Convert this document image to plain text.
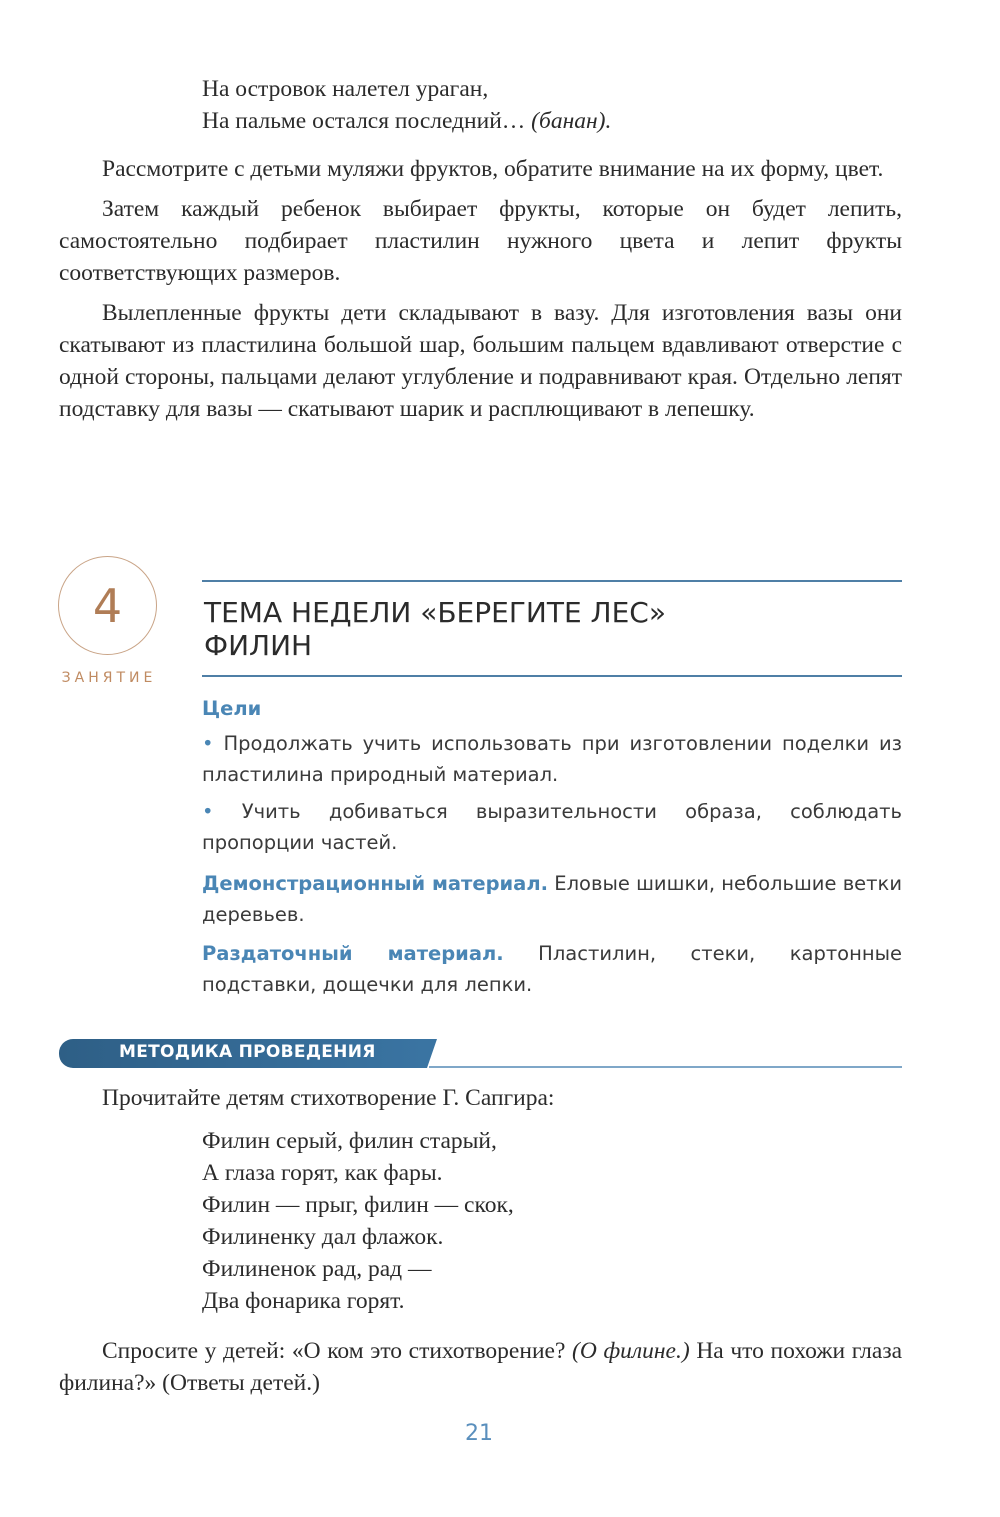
На островок налетел ураган,
На пальме остался последний… (банан).

Рассмотрите с детьми муляжи фруктов, обратите внимание на их форму, цвет.

Затем каждый ребенок выбирает фрукты, которые он будет лепить, самостоятельно подбирает пластилин нужного цвета и лепит фрукты соответствующих размеров.

Вылепленные фрукты дети складывают в вазу. Для изготовления вазы они скатывают из пластилина большой шар, большим пальцем вдавливают отверстие с одной стороны, пальцами делают углубление и подравнивают края. Отдельно лепят подставку для вазы — скатывают шарик и расплющивают в лепешку.

4
ЗАНЯТИЕ
ТЕМА НЕДЕЛИ «БЕРЕГИТЕ ЛЕС»
ФИЛИН
Цели

• Продолжать учить использовать при изготовлении поделки из пластилина природный материал.

• Учить добиваться выразительности образа, соблюдать пропорции частей.

Демонстрационный материал. Еловые шишки, небольшие ветки деревьев.

Раздаточный материал. Пластилин, стеки, картонные подставки, дощечки для лепки.

МЕТОДИКА ПРОВЕДЕНИЯ

Прочитайте детям стихотворение Г. Сапгира:

Филин серый, филин старый,
А глаза горят, как фары.
Филин — прыг, филин — скок,
Филиненку дал флажок.
Филиненок рад, рад —
Два фонарика горят.

Спросите у детей: «О ком это стихотворение? (О филине.) На что похожи глаза филина?» (Ответы детей.)

21
